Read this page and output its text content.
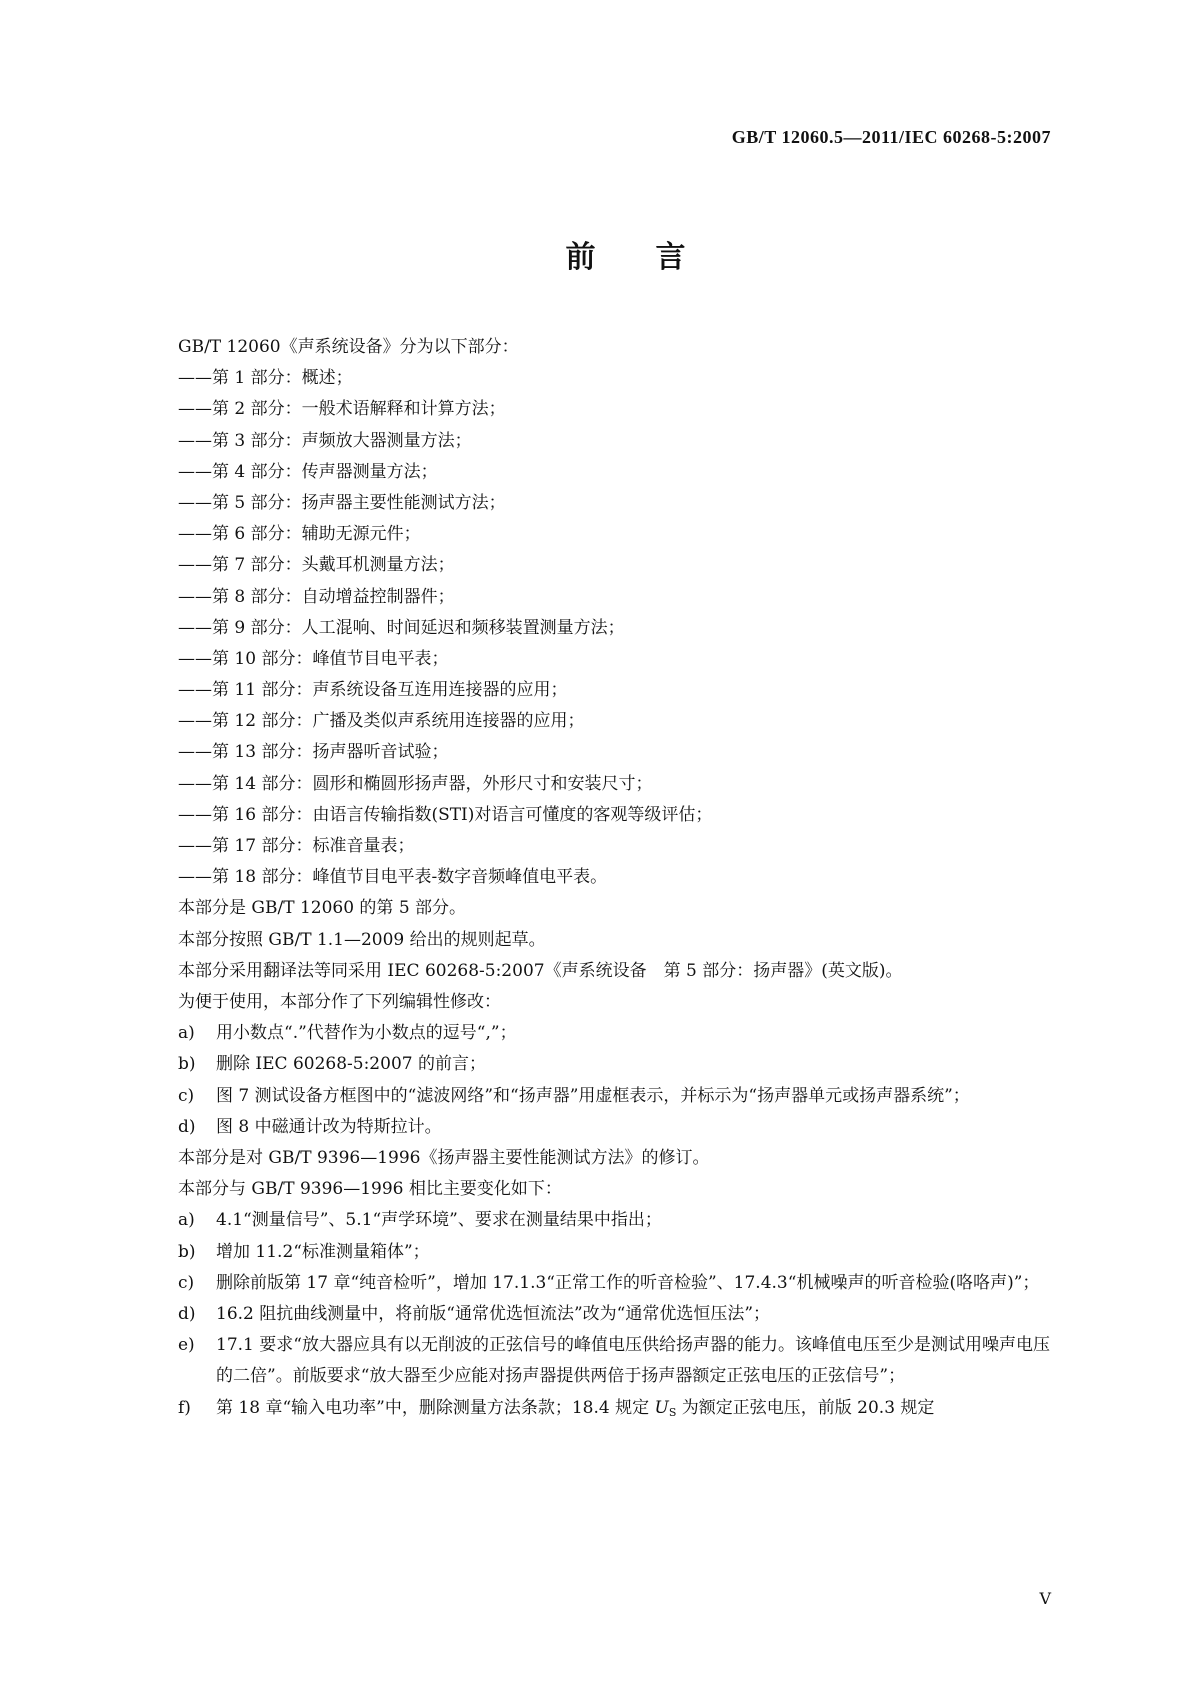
GB/T 12060.5—2011/IEC 60268-5:2007
前言
GB/T 12060《声系统设备》分为以下部分：
——第 1 部分：概述；
——第 2 部分：一般术语解释和计算方法；
——第 3 部分：声频放大器测量方法；
——第 4 部分：传声器测量方法；
——第 5 部分：扬声器主要性能测试方法；
——第 6 部分：辅助无源元件；
——第 7 部分：头戴耳机测量方法；
——第 8 部分：自动增益控制器件；
——第 9 部分：人工混响、时间延迟和频移装置测量方法；
——第 10 部分：峰值节目电平表；
——第 11 部分：声系统设备互连用连接器的应用；
——第 12 部分：广播及类似声系统用连接器的应用；
——第 13 部分：扬声器听音试验；
——第 14 部分：圆形和椭圆形扬声器，外形尺寸和安装尺寸；
——第 16 部分：由语言传输指数(STI)对语言可懂度的客观等级评估；
——第 17 部分：标准音量表；
——第 18 部分：峰值节目电平表-数字音频峰值电平表。
本部分是 GB/T 12060 的第 5 部分。
本部分按照 GB/T 1.1—2009 给出的规则起草。
本部分采用翻译法等同采用 IEC 60268-5:2007《声系统设备　第 5 部分：扬声器》(英文版)。
为便于使用，本部分作了下列编辑性修改：
a)	用小数点“.”代替作为小数点的逗号“,”；
b)	删除 IEC 60268-5:2007 的前言；
c)	图 7 测试设备方框图中的“滤波网络”和“扬声器”用虚框表示，并标示为“扬声器单元或扬声器系统”；
d)	图 8 中磁通计改为特斯拉计。
本部分是对 GB/T 9396—1996《扬声器主要性能测试方法》的修订。
本部分与 GB/T 9396—1996 相比主要变化如下：
a)	4.1“测量信号”、5.1“声学环境”、要求在测量结果中指出；
b)	增加 11.2“标准测量箱体”；
c)	删除前版第 17 章“纯音检听”，增加 17.1.3“正常工作的听音检验”、17.4.3“机械噪声的听音检验(咯咯声)”；
d)	16.2 阻抗曲线测量中，将前版“通常优选恒流法”改为“通常优选恒压法”；
e)	17.1 要求“放大器应具有以无削波的正弦信号的峰值电压供给扬声器的能力。该峰值电压至少是测试用噪声电压的二倍”。前版要求“放大器至少应能对扬声器提供两倍于扬声器额定正弦电压的正弦信号”；
f)	第 18 章“输入电功率”中，删除测量方法条款；18.4 规定 US 为额定正弦电压，前版 20.3 规定
V
